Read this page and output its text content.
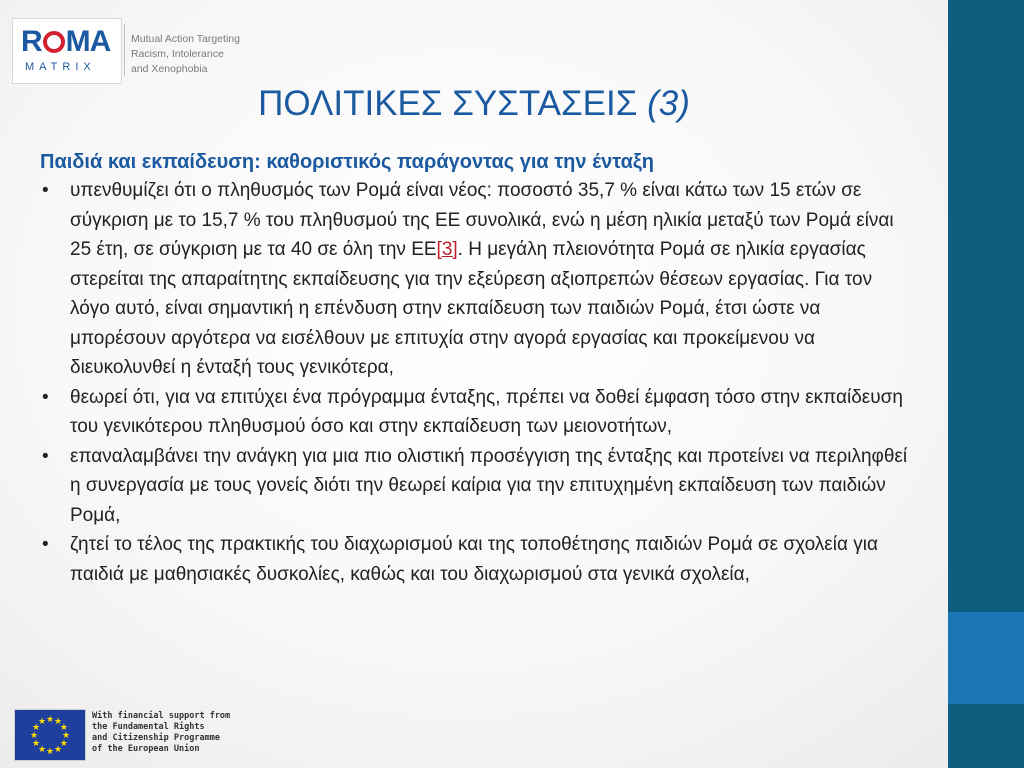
R MA
MATRIX
Mutual Action Targeting
Racism, Intolerance
and Xenophobia
ΠΟΛΙΤΙΚΕΣ ΣΥΣΤΑΣΕΙΣ (3)
Παιδιά και εκπαίδευση: καθοριστικός παράγοντας για την ένταξη
• υπενθυμίζει ότι ο πληθυσμός των Ρομά είναι νέος: ποσοστό 35,7 % είναι κάτω των 15 ετών σε σύγκριση με το 15,7 % του πληθυσμού της ΕΕ συνολικά, ενώ η μέση ηλικία μεταξύ των Ρομά είναι 25 έτη, σε σύγκριση με τα 40 σε όλη την ΕΕ[3]. Η μεγάλη πλειονότητα Ρομά σε ηλικία εργασίας στερείται της απαραίτητης εκπαίδευσης για την εξεύρεση αξιοπρεπών θέσεων εργασίας. Για τον λόγο αυτό, είναι σημαντική η επένδυση στην εκπαίδευση των παιδιών Ρομά, έτσι ώστε να μπορέσουν αργότερα να εισέλθουν με επιτυχία στην αγορά εργασίας και προκείμενου να διευκολυνθεί η ένταξή τους γενικότερα,
• θεωρεί ότι, για να επιτύχει ένα πρόγραμμα ένταξης, πρέπει να δοθεί έμφαση τόσο στην εκπαίδευση του γενικότερου πληθυσμού όσο και στην εκπαίδευση των μειονοτήτων,
• επαναλαμβάνει την ανάγκη για μια πιο ολιστική προσέγγιση της ένταξης και προτείνει να περιληφθεί η συνεργασία με τους γονείς διότι την θεωρεί καίρια για την επιτυχημένη εκπαίδευση των παιδιών Ρομά,
• ζητεί το τέλος της πρακτικής του διαχωρισμού και της τοποθέτησης παιδιών Ρομά σε σχολεία για παιδιά με μαθησιακές δυσκολίες, καθώς και του διαχωρισμού στα γενικά σχολεία,
★ ★
★
★
★
★
★
★
★
★
★
★
With financial support from
the Fundamental Rights
and Citizenship Programme
of the European Union
